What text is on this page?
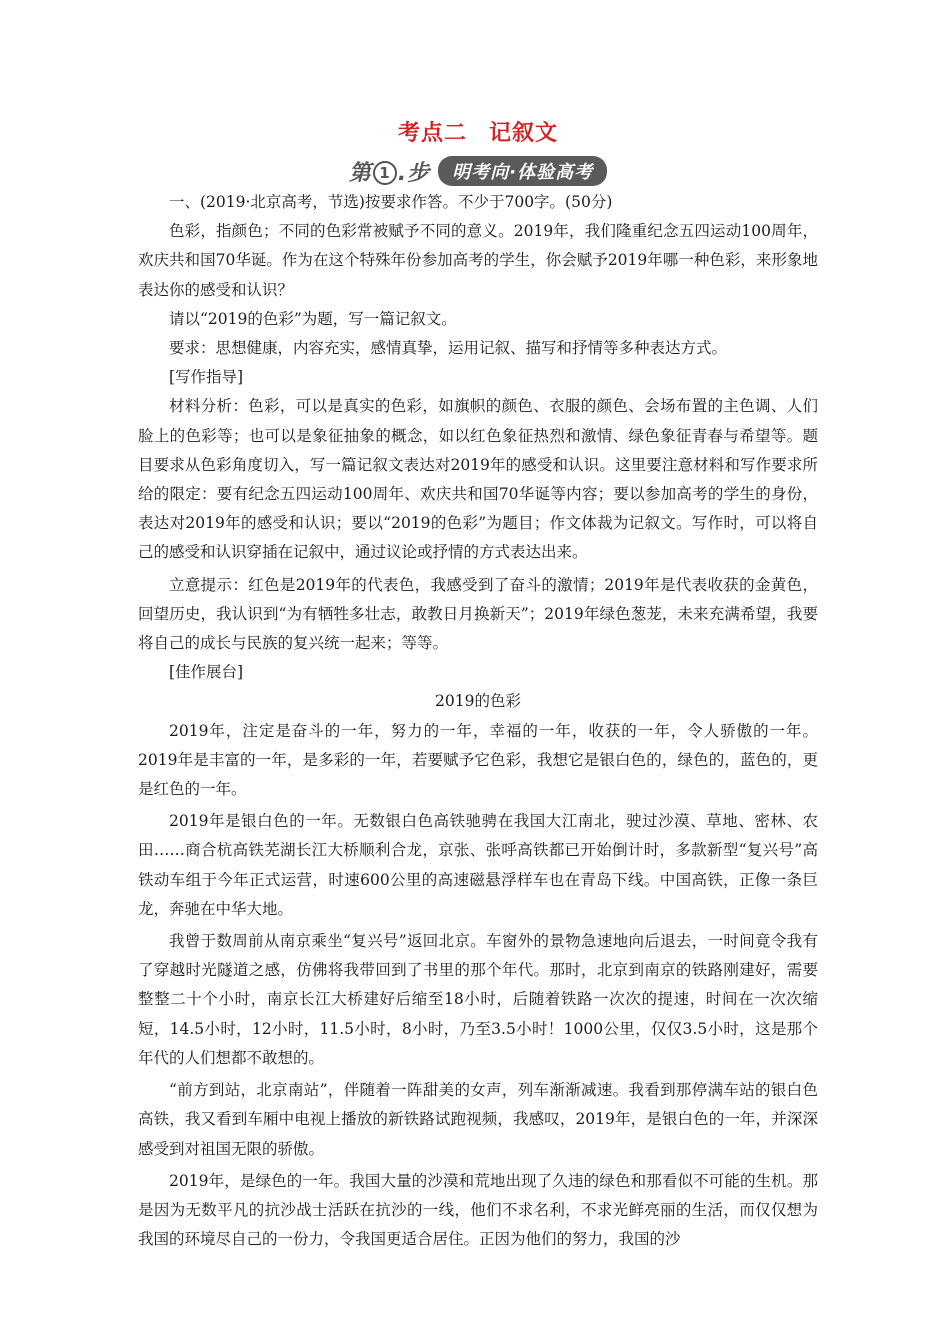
考点二 记叙文
第 1 .步	明考向·体验高考

一、(2019·北京高考，节选)按要求作答。不少于700字。(50分)

色彩，指颜色；不同的色彩常被赋予不同的意义。2019年，我们隆重纪念五四运动100周年，欢庆共和国70华诞。作为在这个特殊年份参加高考的学生，你会赋予2019年哪一种色彩，来形象地表达你的感受和认识？

请以“2019的色彩”为题，写一篇记叙文。

要求：思想健康，内容充实，感情真挚，运用记叙、描写和抒情等多种表达方式。

[写作指导]

材料分析：色彩，可以是真实的色彩，如旗帜的颜色、衣服的颜色、会场布置的主色调、人们脸上的色彩等；也可以是象征抽象的概念，如以红色象征热烈和激情、绿色象征青春与希望等。题目要求从色彩角度切入，写一篇记叙文表达对2019年的感受和认识。这里要注意材料和写作要求所给的限定：要有纪念五四运动100周年、欢庆共和国70华诞等内容；要以参加高考的学生的身份，表达对2019年的感受和认识；要以“2019的色彩”为题目；作文体裁为记叙文。写作时，可以将自己的感受和认识穿插在记叙中，通过议论或抒情的方式表达出来。

立意提示：红色是2019年的代表色，我感受到了奋斗的激情；2019年是代表收获的金黄色，回望历史，我认识到“为有牺牲多壮志，敢教日月换新天”；2019年绿色葱茏，未来充满希望，我要将自己的成长与民族的复兴统一起来；等等。

[佳作展台]

2019的色彩

2019年，注定是奋斗的一年，努力的一年，幸福的一年，收获的一年，令人骄傲的一年。2019年是丰富的一年，是多彩的一年，若要赋予它色彩，我想它是银白色的，绿色的，蓝色的，更是红色的一年。

2019年是银白色的一年。无数银白色高铁驰骋在我国大江南北，驶过沙漠、草地、密林、农田……商合杭高铁芜湖长江大桥顺利合龙，京张、张呼高铁都已开始倒计时，多款新型“复兴号”高铁动车组于今年正式运营，时速600公里的高速磁悬浮样车也在青岛下线。中国高铁，正像一条巨龙，奔驰在中华大地。

我曾于数周前从南京乘坐“复兴号”返回北京。车窗外的景物急速地向后退去，一时间竟令我有了穿越时光隧道之感，仿佛将我带回到了书里的那个年代。那时，北京到南京的铁路刚建好，需要整整二十个小时，南京长江大桥建好后缩至18小时，后随着铁路一次次的提速，时间在一次次缩短，14.5小时，12小时，11.5小时，8小时，乃至3.5小时！1000公里，仅仅3.5小时，这是那个年代的人们想都不敢想的。

“前方到站，北京南站”，伴随着一阵甜美的女声，列车渐渐减速。我看到那停满车站的银白色高铁，我又看到车厢中电视上播放的新铁路试跑视频，我感叹，2019年，是银白色的一年，并深深感受到对祖国无限的骄傲。

2019年，是绿色的一年。我国大量的沙漠和荒地出现了久违的绿色和那看似不可能的生机。那是因为无数平凡的抗沙战士活跃在抗沙的一线，他们不求名利，不求光鲜亮丽的生活，而仅仅想为我国的环境尽自己的一份力，令我国更适合居住。正因为他们的努力，我国的沙
